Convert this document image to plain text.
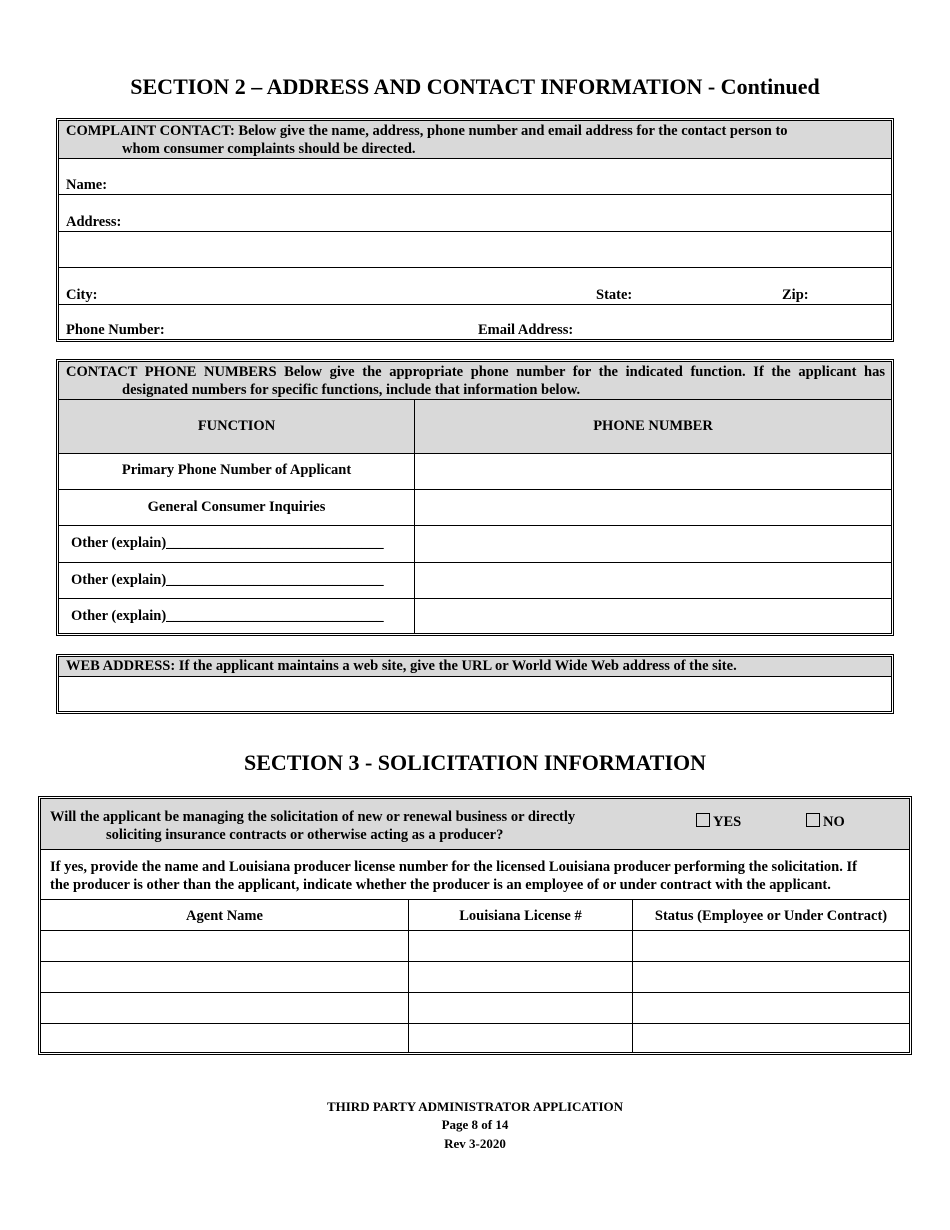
SECTION 2 – ADDRESS AND CONTACT INFORMATION - Continued
COMPLAINT CONTACT: Below give the name, address, phone number and email address for the contact person to
whom consumer complaints should be directed.
Name:
Address:
City:	State:	Zip:
Phone Number:	Email Address:
CONTACT PHONE NUMBERS Below give the appropriate phone number for the indicated function. If the applicant has
designated numbers for specific functions, include that information below.
FUNCTION	PHONE NUMBER
Primary Phone Number of Applicant
General Consumer Inquiries
Other (explain)______________________________
Other (explain)______________________________
Other (explain)______________________________
WEB ADDRESS: If the applicant maintains a web site, give the URL or World Wide Web address of the site.
SECTION 3 - SOLICITATION INFORMATION
Will the applicant be managing the solicitation of new or renewal business or directly
soliciting insurance contracts or otherwise acting as a producer?
YES	NO
If yes, provide the name and Louisiana producer license number for the licensed Louisiana producer performing the solicitation. If
the producer is other than the applicant, indicate whether the producer is an employee of or under contract with the applicant.
Agent Name	Louisiana License #	Status (Employee or Under Contract)
THIRD PARTY ADMINISTRATOR APPLICATION
Page 8 of 14
Rev 3-2020
